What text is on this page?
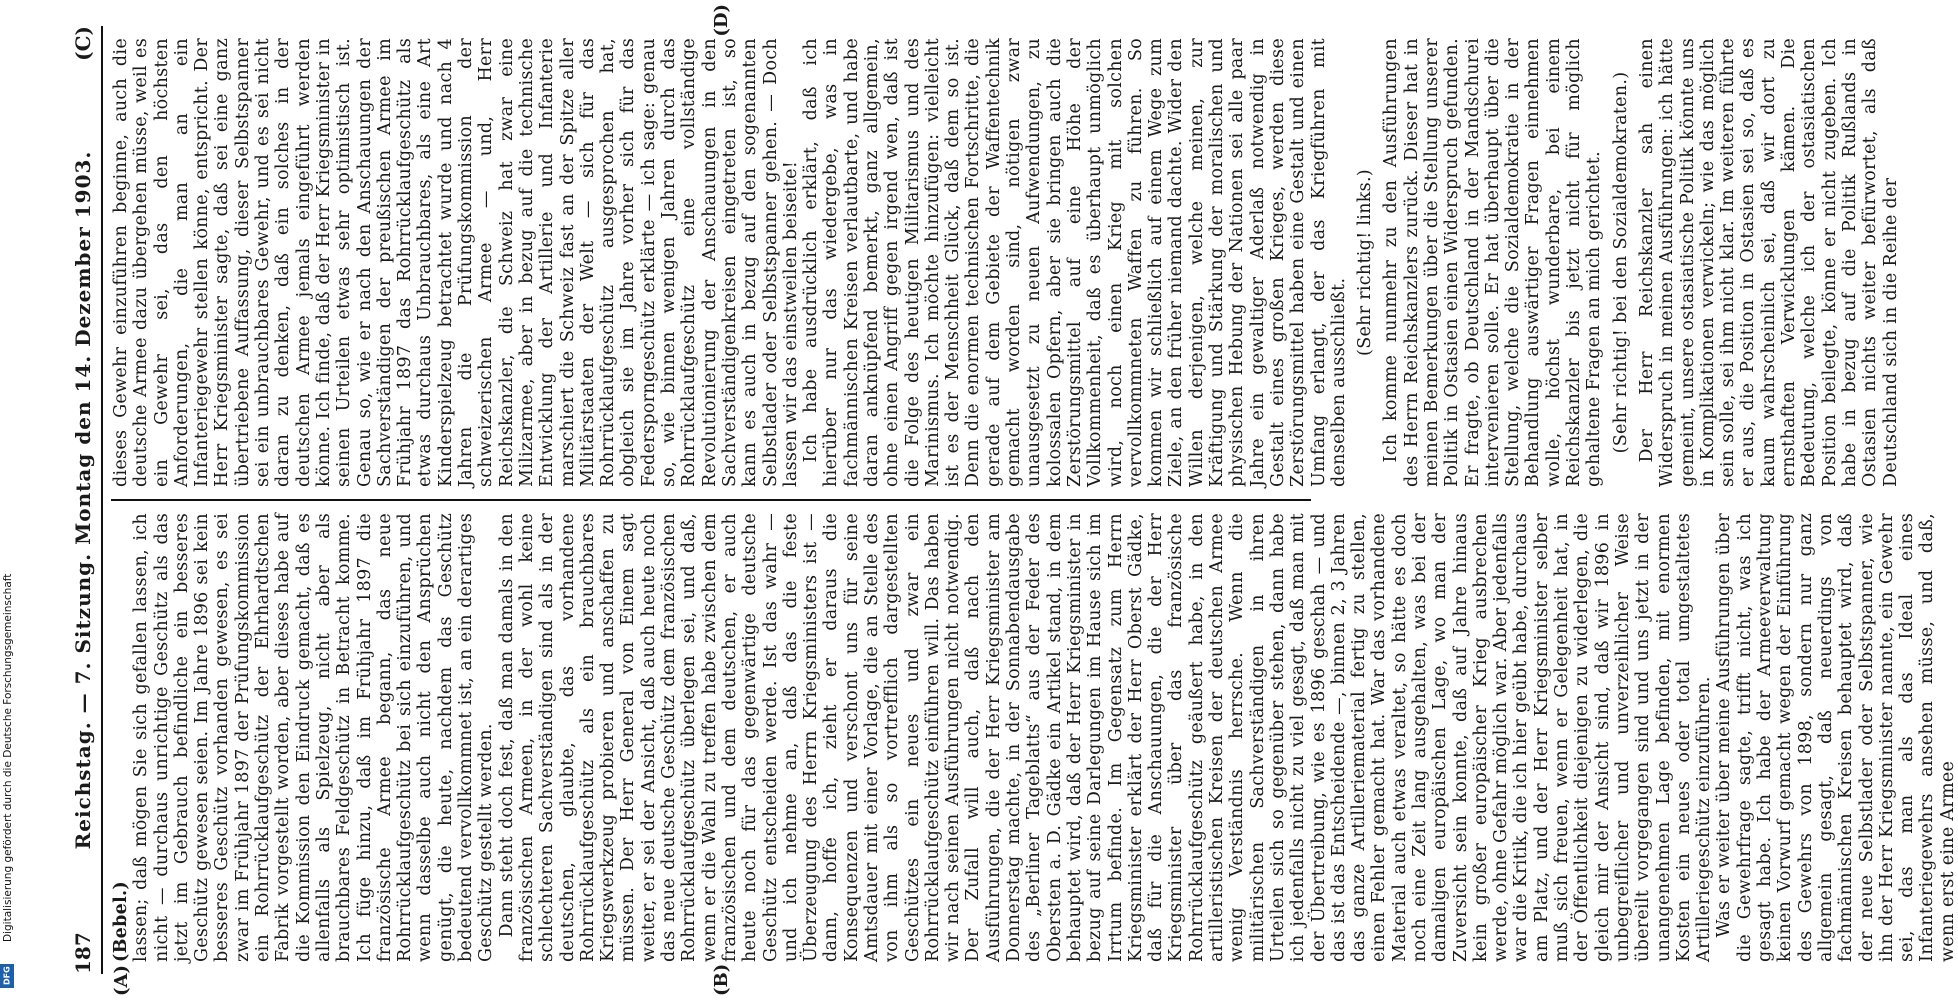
Digitalisierung gefördert durch die Deutsche Forschungsgemeinschaft
DFG
187
Reichstag. — 7. Sitzung. Montag den 14. Dezember 1903.
(C)
(A)	(B)
(D)

(Bebel.) lassen; daß mögen Sie sich gefallen lassen, ich nicht — durchaus unrichtige Geschütz als das jetzt im Gebrauch befindliche ein besseres Geschütz gewesen seien. Im Jahre 1896 sei kein besseres Geschütz vorhanden gewesen, es sei zwar im Frühjahr 1897 der Prüfungskommission ein Rohrrücklaufgeschütz der Ehrhardtschen Fabrik vorgestellt worden, aber dieses habe auf die Kommission den Eindruck gemacht, daß es allenfalls als Spielzeug, nicht aber als brauchbares Feldgeschütz in Betracht komme. Ich füge hinzu, daß im Frühjahr 1897 die französische Armee begann, das neue Rohrrücklaufgeschütz bei sich einzuführen, und wenn dasselbe auch nicht den Ansprüchen genügt, die heute, nachdem das Geschütz bedeutend vervollkommnet ist, an ein derartiges Geschütz gestellt werden. Dann steht doch fest, daß man damals in den französischen Armeen, in der wohl keine schlechteren Sachverständigen sind als in der deutschen, glaubte, das vorhandene Rohrrücklaufgeschütz als ein brauchbares Kriegswerkzeug probieren und anschaffen zu müssen. Der Herr General von Einem sagt weiter, er sei der Ansicht, daß auch heute noch das neue deutsche Geschütz dem französischen Rohrrücklaufgeschütz überlegen sei, und daß, wenn er die Wahl zu treffen habe zwischen dem französischen und dem deutschen, er auch heute noch für das gegenwärtige deutsche Geschütz entscheiden werde. Ist das wahr — und ich nehme an, daß das die feste Überzeugung des Herrn Kriegsministers ist — dann, hoffe ich, zieht er daraus die Konsequenzen und verschont uns für seine Amtsdauer mit einer Vorlage, die an Stelle des von ihm als so vortrefflich dargestellten Geschützes ein neues und zwar ein Rohrrücklaufgeschütz einführen will. Das haben wir nach seinen Ausführungen nicht notwendig. Der Zufall will auch, daß nach den Ausführungen, die der Herr Kriegsminister am Donnerstag machte, in der Sonnabendausgabe des „Berliner Tageblatts“ aus der Feder des Obersten a. D. Gädke ein Artikel stand, in dem behauptet wird, daß der Herr Kriegsminister in bezug auf seine Darlegungen im Hause sich im Irrtum befinde. Im Gegensatz zum Herrn Kriegsminister erklärt der Herr Oberst Gädke, daß für die Anschauungen, die der Herr Kriegsminister über das französische Rohrrücklaufgeschütz geäußert habe, in den artilleristischen Kreisen der deutschen Armee wenig Verständnis herrsche. Wenn die militärischen Sachverständigen in ihren Urteilen sich so gegenüber stehen, dann habe ich jedenfalls nicht zu viel gesagt, daß man mit der Übertreibung, wie es 1896 geschah — und das ist das Entscheidende —, binnen 2, 3 Jahren das ganze Artilleriematerial fertig zu stellen, einen Fehler gemacht hat. War das vorhandene Material auch etwas veraltet, so hätte es doch noch eine Zeit lang ausgehalten, was bei der damaligen europäischen Lage, wo man der Zuversicht sein konnte, daß auf Jahre hinaus kein großer europäischer Krieg ausbrechen werde, ohne Gefahr möglich war. Aber jedenfalls war die Kritik, die ich hier geübt habe, durchaus am Platz, und der Herr Kriegsminister selber muß sich freuen, wenn er Gelegenheit hat, in der Öffentlichkeit diejenigen zu widerlegen, die gleich mir der Ansicht sind, daß wir 1896 in unbegreiflicher und unverzeihlicher Weise übereilt vorgegangen sind und uns jetzt in der unangenehmen Lage befinden, mit enormen Kosten ein neues oder total umgestaltetes Artilleriegeschütz einzuführen. Was er weiter über meine Ausführungen über die Gewehrfrage sagte, trifft nicht, was ich gesagt habe. Ich habe der Armeeverwaltung keinen Vorwurf gemacht wegen der Einführung des Gewehrs von 1898, sondern nur ganz allgemein gesagt, daß neuerdings von fachmännischen Kreisen behauptet wird, daß der neue Selbstlader oder Selbstspanner, wie ihn der Herr Kriegsminister nannte, ein Gewehr sei, das man als das Ideal eines Infanteriegewehrs ansehen müsse, und daß, wenn erst eine Armee

dieses Gewehr einzuführen beginne, auch die deutsche Armee dazu übergehen müsse, weil es ein Gewehr sei, das den höchsten Anforderungen, die man an ein Infanteriegewehr stellen könne, entspricht. Der Herr Kriegsminister sagte, daß sei eine ganz übertriebene Auffassung, dieser Selbstspanner sei ein unbrauchbares Gewehr, und es sei nicht daran zu denken, daß ein solches in der deutschen Armee jemals eingeführt werden könne. Ich finde, daß der Herr Kriegsminister in seinen Urteilen etwas sehr optimistisch ist. Genau so, wie er nach den Anschauungen der Sachverständigen der preußischen Armee im Frühjahr 1897 das Rohrrücklaufgeschütz als etwas durchaus Unbrauchbares, als eine Art Kinderspielzeug betrachtet wurde und nach 4 Jahren die Prüfungskommission der schweizerischen Armee — und, Herr Reichskanzler, die Schweiz hat zwar eine Milizarmee, aber in bezug auf die technische Entwicklung der Artillerie und Infanterie marschiert die Schweiz fast an der Spitze aller Militärstaaten der Welt — sich für das Rohrrücklaufgeschütz ausgesprochen hat, obgleich sie im Jahre vorher sich für das Federsporngeschütz erklärte — ich sage: genau so, wie binnen wenigen Jahren durch das Rohrrücklaufgeschütz eine vollständige Revolutionierung der Anschauungen in den Sachverständigenkreisen eingetreten ist, so kann es auch in bezug auf den sogenannten Selbstlader oder Selbstspanner gehen. — Doch lassen wir das einstweilen beiseite! Ich habe ausdrücklich erklärt, daß ich hierüber nur das wiedergebe, was in fachmännischen Kreisen verlautbarte, und habe daran anknüpfend bemerkt, ganz allgemein, ohne einen Angriff gegen irgend wen, daß ist die Folge des heutigen Militarismus und des Marinismus. Ich möchte hinzufügen: vielleicht ist es der Menschheit Glück, daß dem so ist. Denn die enormen technischen Fortschritte, die gerade auf dem Gebiete der Waffentechnik gemacht worden sind, nötigen zwar unausgesetzt zu neuen Aufwendungen, zu kolossalen Opfern, aber sie bringen auch die Zerstörungsmittel auf eine Höhe der Vollkommenheit, daß es überhaupt unmöglich wird, noch einen Krieg mit solchen vervollkommneten Waffen zu führen. So kommen wir schließlich auf einem Wege zum Ziele, an den früher niemand dachte. Wider den Willen derjenigen, welche meinen, zur Kräftigung und Stärkung der moralischen und physischen Hebung der Nationen sei alle paar Jahre ein gewaltiger Aderlaß notwendig in Gestalt eines großen Krieges, werden diese Zerstörungsmittel haben eine Gestalt und einen Umfang erlangt, der das Kriegführen mit denselben ausschließt.

(Sehr richtig! links.) Ich komme nunmehr zu den Ausführungen des Herrn Reichskanzlers zurück. Dieser hat in meinen Bemerkungen über die Stellung unserer Politik in Ostasien einen Widerspruch gefunden. Er fragte, ob Deutschland in der Mandschurei intervenieren solle. Er hat überhaupt über die Stellung, welche die Sozialdemokratie in der Behandlung auswärtiger Fragen einnehmen wolle, höchst wunderbare, bei einem Reichskanzler bis jetzt nicht für möglich gehaltene Fragen an mich gerichtet. (Sehr richtig! bei den Sozialdemokraten.) Der Herr Reichskanzler sah einen Widerspruch in meinen Ausführungen: ich hätte gemeint, unsere ostasiatische Politik könnte uns in Komplikationen verwickeln; wie das möglich sein solle, sei ihm nicht klar. Im weiteren führte er aus, die Position in Ostasien sei so, daß es kaum wahrscheinlich sei, daß wir dort zu ernsthaften Verwicklungen kämen. Die Bedeutung, welche ich der ostasiatischen Position beilegte, könne er nicht zugeben. Ich habe in bezug auf die Politik Rußlands in Ostasien nichts weiter befürwortet, als daß Deutschland sich in die Reihe der
